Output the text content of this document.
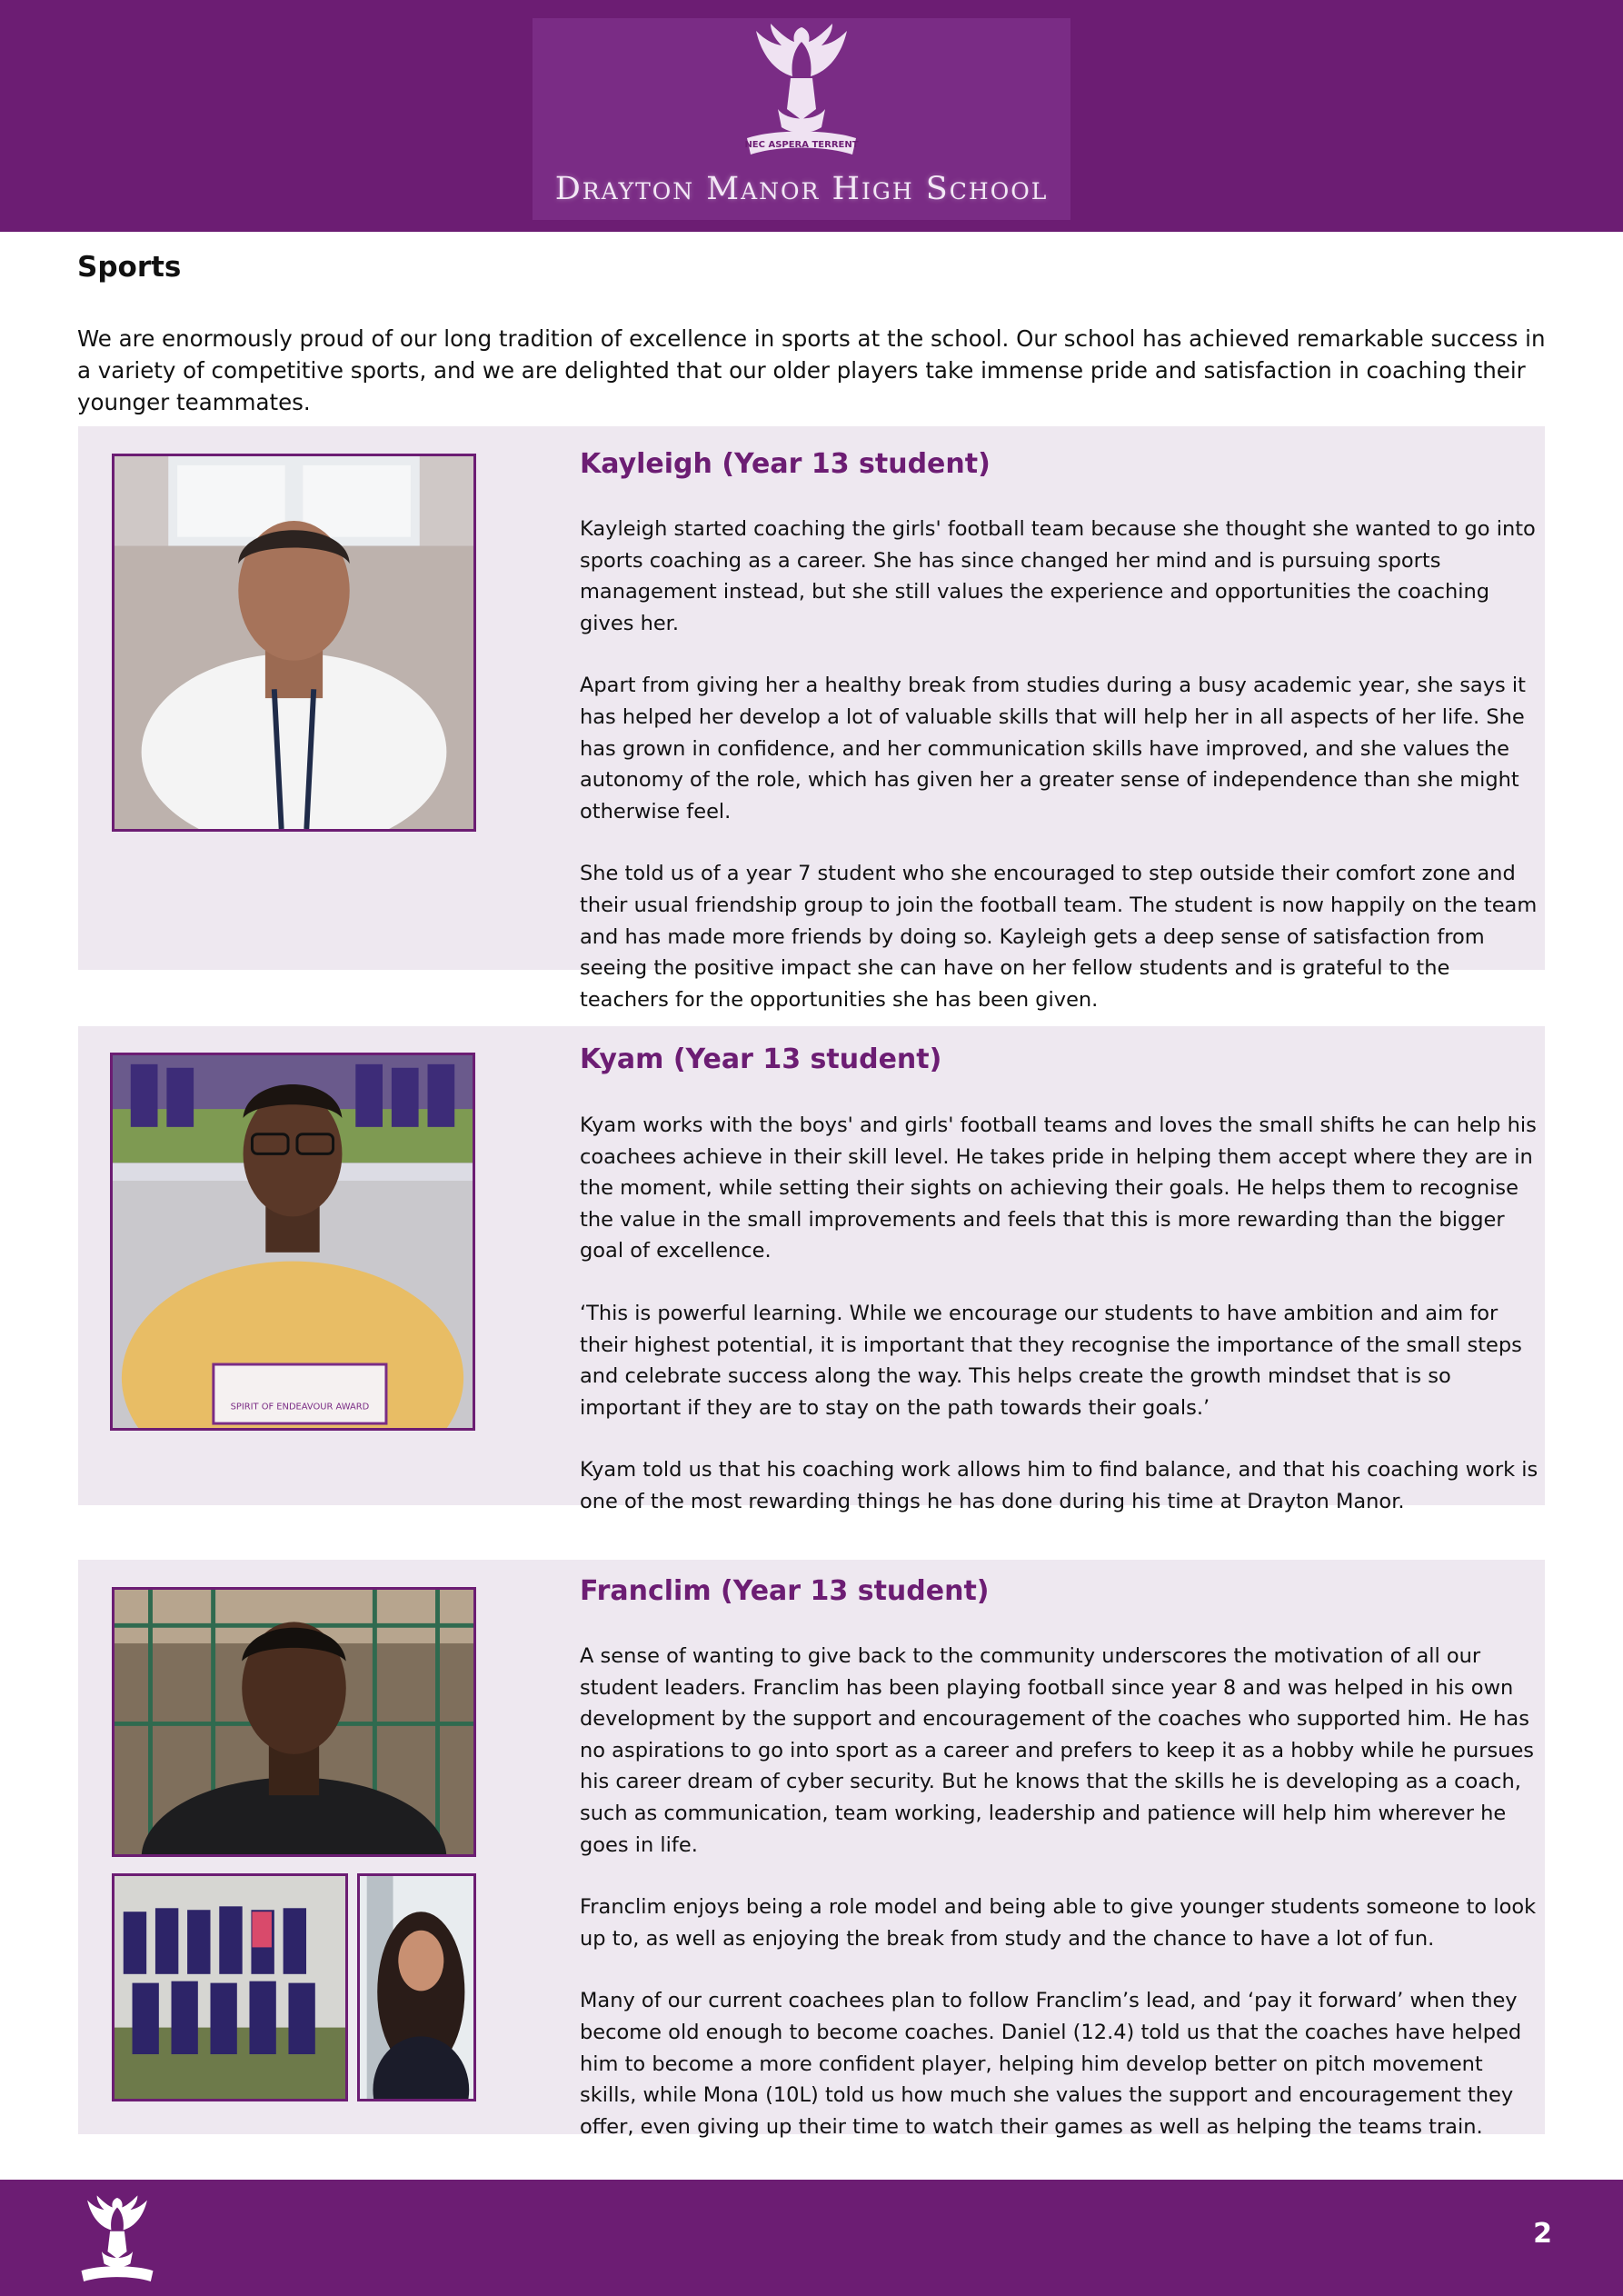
NEC ASPERA TERRENT
Drayton Manor High School
Sports

We are enormously proud of our long tradition of excellence in sports at the school. Our school has achieved remarkable success in a variety of competitive sports, and we are delighted that our older players take immense pride and satisfaction in coaching their younger teammates.

Kayleigh (Year 13 student)

Kayleigh started coaching the girls' football team because she thought she wanted to go into sports coaching as a career. She has since changed her mind and is pursuing sports management instead, but she still values the experience and opportunities the coaching gives her.

Apart from giving her a healthy break from studies during a busy academic year, she says it has helped her develop a lot of valuable skills that will help her in all aspects of her life. She has grown in confidence, and her communication skills have improved, and she values the autonomy of the role, which has given her a greater sense of independence than she might otherwise feel.

She told us of a year 7 student who she encouraged to step outside their comfort zone and their usual friendship group to join the football team. The student is now happily on the team and has made more friends by doing so. Kayleigh gets a deep sense of satisfaction from seeing the positive impact she can have on her fellow students and is grateful to the teachers for the opportunities she has been given.

SPIRIT OF ENDEAVOUR AWARD
Kyam (Year 13 student)

Kyam works with the boys' and girls' football teams and loves the small shifts he can help his coachees achieve in their skill level. He takes pride in helping them accept where they are in the moment, while setting their sights on achieving their goals. He helps them to recognise the value in the small improvements and feels that this is more rewarding than the bigger goal of excellence.

‘This is powerful learning. While we encourage our students to have ambition and aim for their highest potential, it is important that they recognise the importance of the small steps and celebrate success along the way. This helps create the growth mindset that is so important if they are to stay on the path towards their goals.’

Kyam told us that his coaching work allows him to find balance, and that his coaching work is one of the most rewarding things he has done during his time at Drayton Manor.

Franclim (Year 13 student)

A sense of wanting to give back to the community underscores the motivation of all our student leaders. Franclim has been playing football since year 8 and was helped in his own development by the support and encouragement of the coaches who supported him. He has no aspirations to go into sport as a career and prefers to keep it as a hobby while he pursues his career dream of cyber security. But he knows that the skills he is developing as a coach, such as communication, team working, leadership and patience will help him wherever he goes in life.

Franclim enjoys being a role model and being able to give younger students someone to look up to, as well as enjoying the break from study and the chance to have a lot of fun.

Many of our current coachees plan to follow Franclim’s lead, and ‘pay it forward’ when they become old enough to become coaches. Daniel (12.4) told us that the coaches have helped him to become a more confident player, helping him develop better on pitch movement skills, while Mona (10L) told us how much she values the support and encouragement they offer, even giving up their time to watch their games as well as helping the teams train.

2
